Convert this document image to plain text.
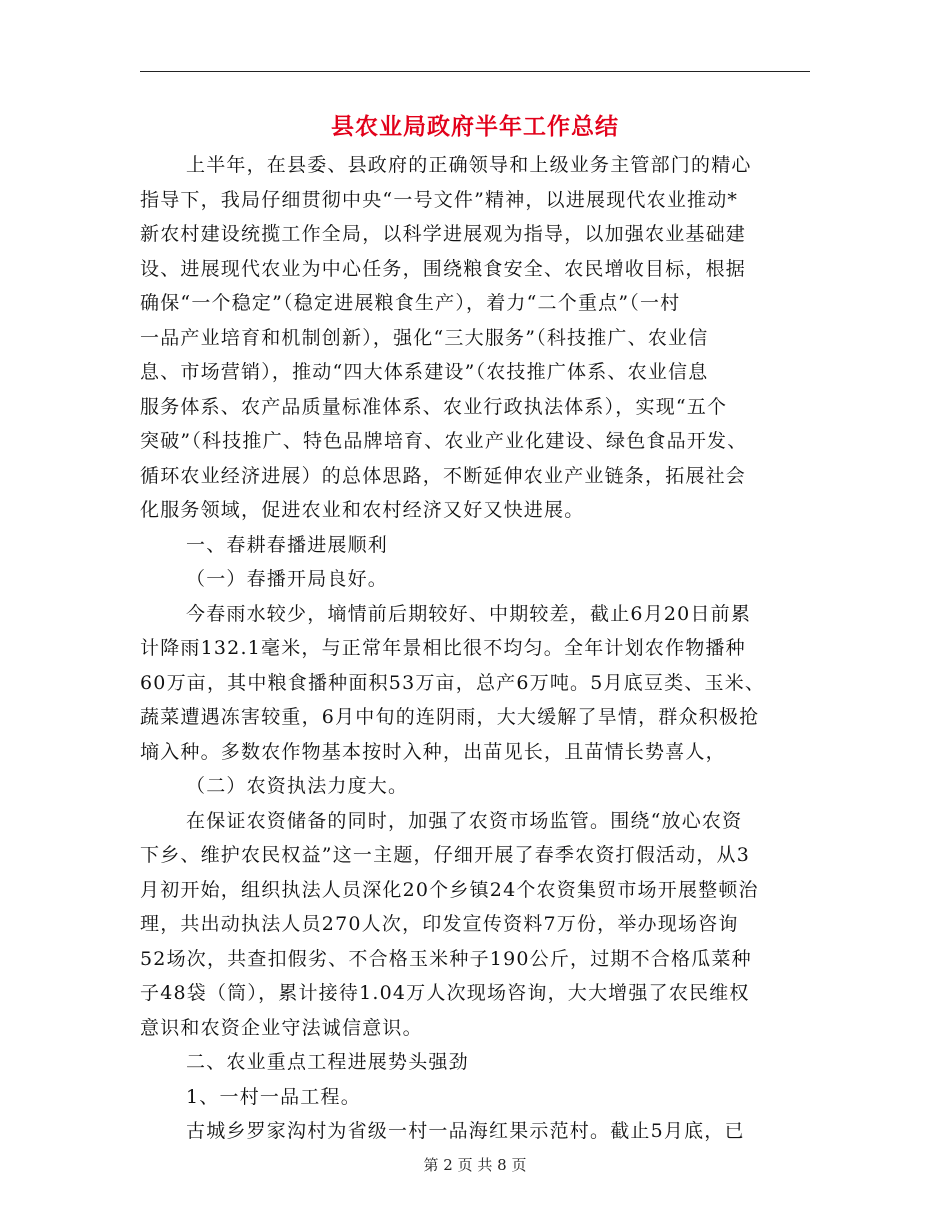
县农业局政府半年工作总结
上半年，在县委、县政府的正确领导和上级业务主管部门的精心
指导下，我局仔细贯彻中央“一号文件”精神，以进展现代农业推动*
新农村建设统揽工作全局，以科学进展观为指导，以加强农业基础建
设、进展现代农业为中心任务，围绕粮食安全、农民增收目标，根据
确保“一个稳定”（稳定进展粮食生产），着力“二个重点”（一村
一品产业培育和机制创新），强化“三大服务”（科技推广、农业信
息、市场营销），推动“四大体系建设”（农技推广体系、农业信息
服务体系、农产品质量标准体系、农业行政执法体系），实现“五个
突破”（科技推广、特色品牌培育、农业产业化建设、绿色食品开发、
循环农业经济进展）的总体思路，不断延伸农业产业链条，拓展社会
化服务领域，促进农业和农村经济又好又快进展。
一、春耕春播进展顺利
（一）春播开局良好。
今春雨水较少，墒情前后期较好、中期较差，截止6月20日前累
计降雨132.1毫米，与正常年景相比很不均匀。全年计划农作物播种
60万亩，其中粮食播种面积53万亩，总产6万吨。5月底豆类、玉米、
蔬菜遭遇冻害较重，6月中旬的连阴雨，大大缓解了旱情，群众积极抢
墒入种。多数农作物基本按时入种，出苗见长，且苗情长势喜人，
（二）农资执法力度大。
在保证农资储备的同时，加强了农资市场监管。围绕“放心农资
下乡、维护农民权益”这一主题，仔细开展了春季农资打假活动，从3
月初开始，组织执法人员深化20个乡镇24个农资集贸市场开展整顿治
理，共出动执法人员270人次，印发宣传资料7万份，举办现场咨询
52场次，共查扣假劣、不合格玉米种子190公斤，过期不合格瓜菜种
子48袋（筒），累计接待1.04万人次现场咨询，大大增强了农民维权
意识和农资企业守法诚信意识。
二、农业重点工程进展势头强劲
1、一村一品工程。
古城乡罗家沟村为省级一村一品海红果示范村。截止5月底，已
第 2 页 共 8 页
